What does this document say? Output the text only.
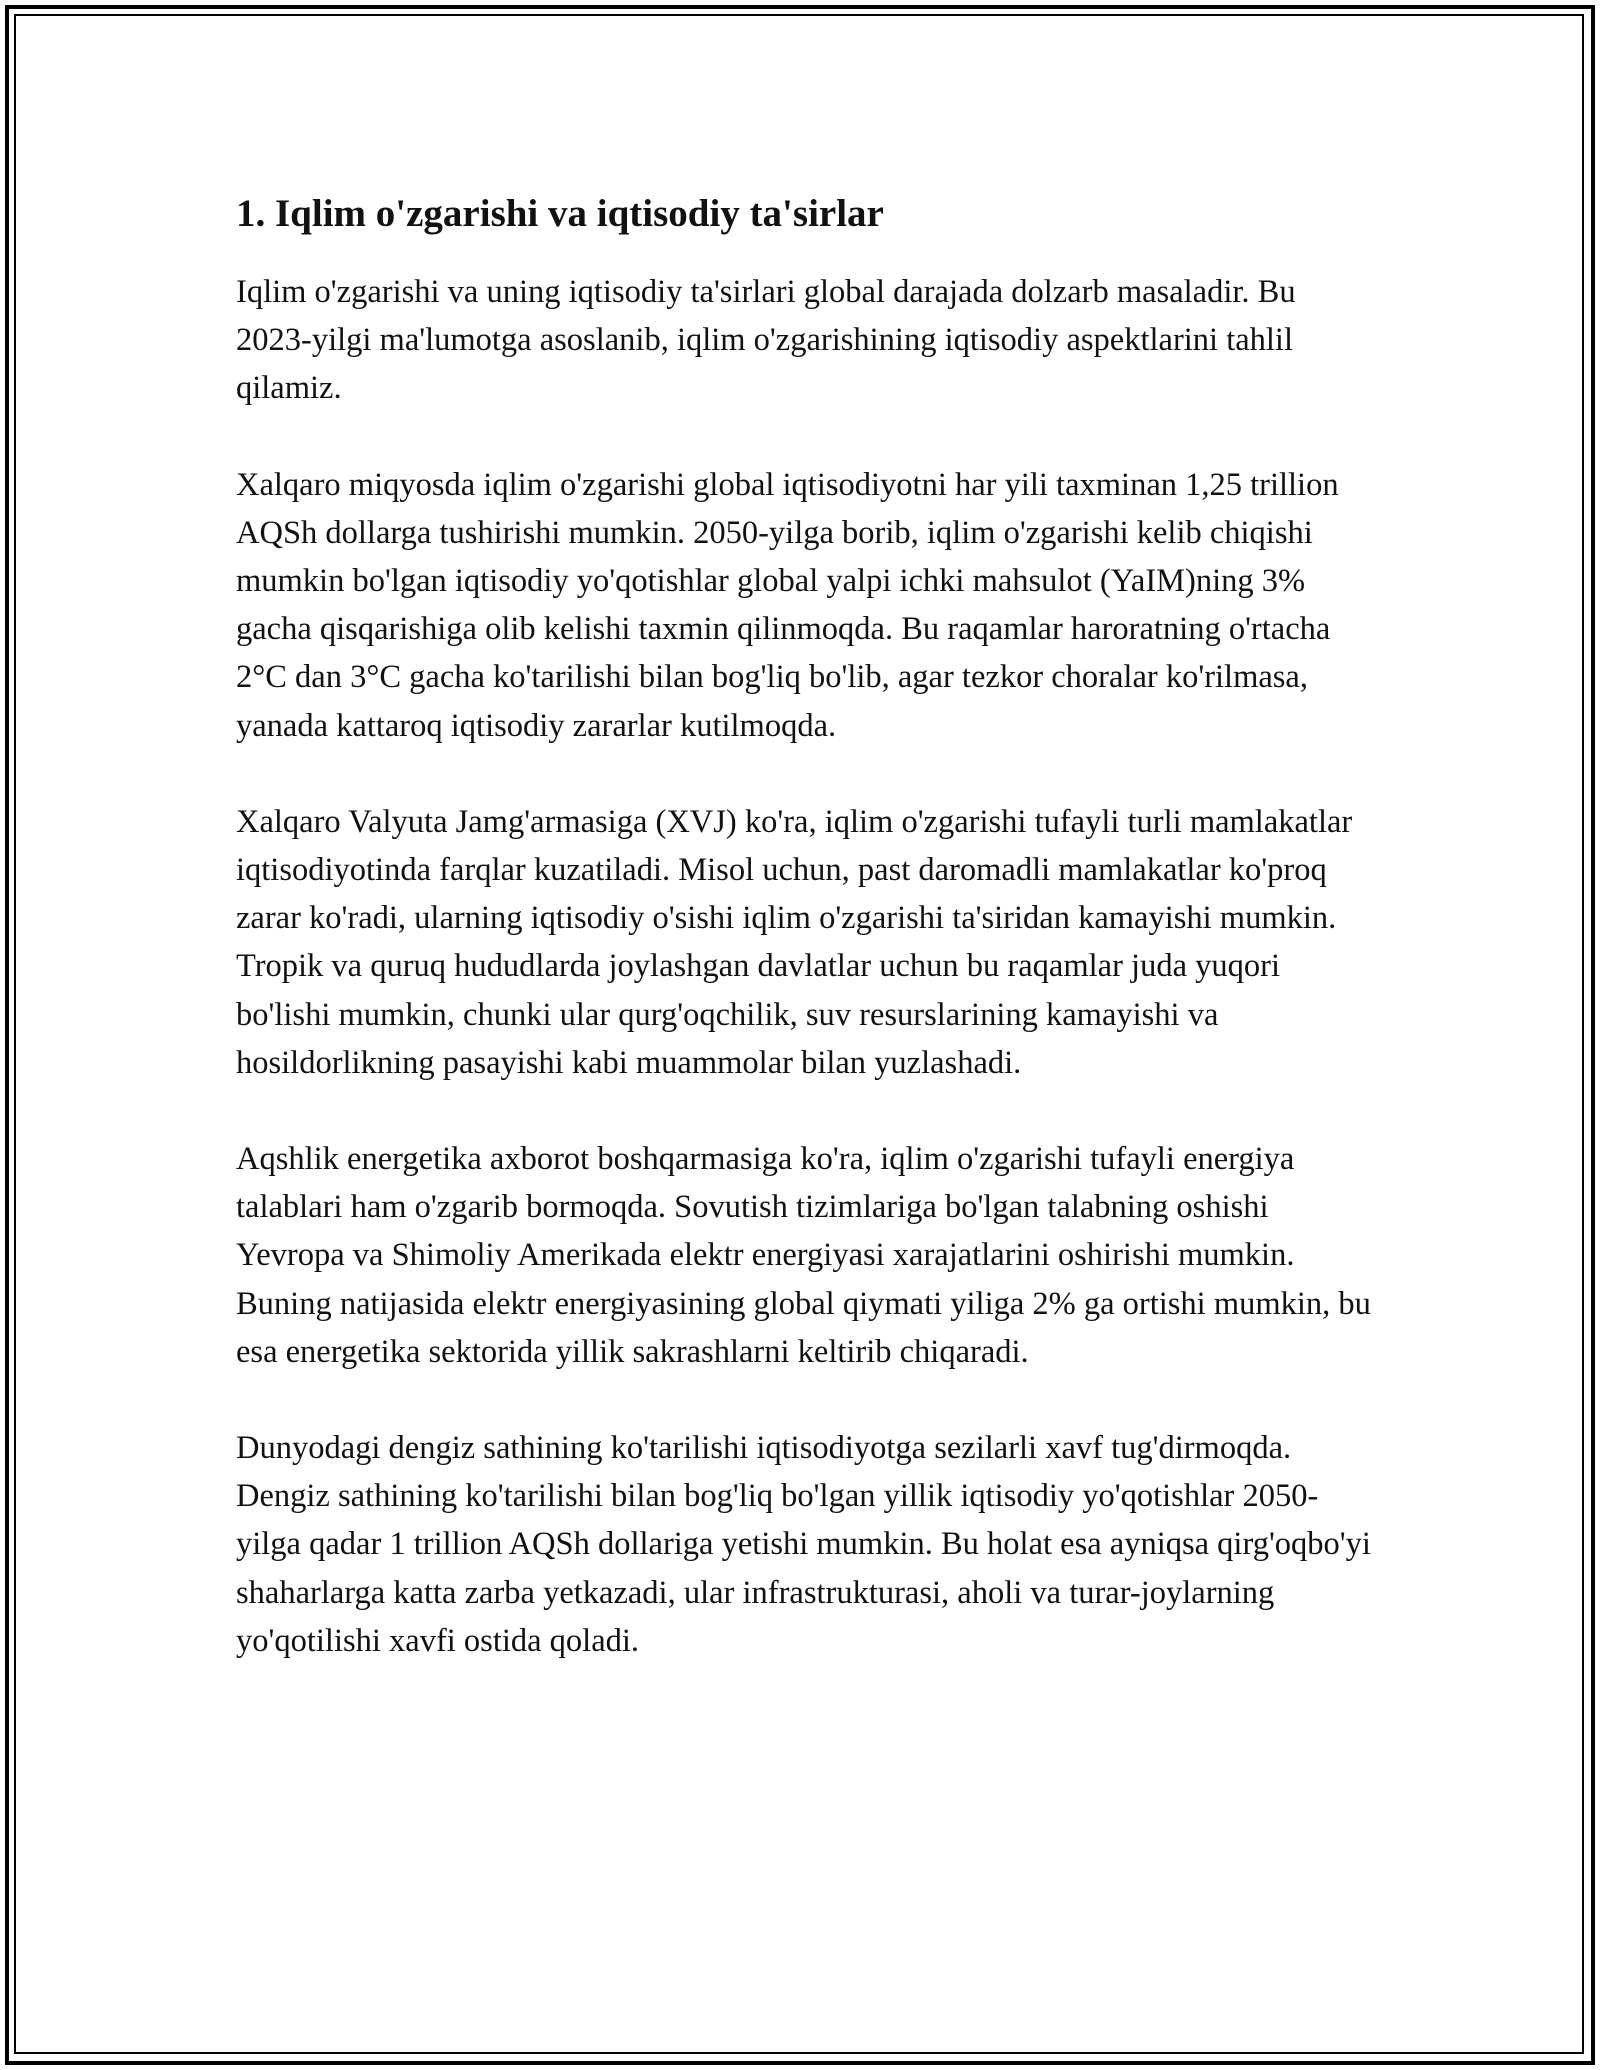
1. Iqlim o'zgarishi va iqtisodiy ta'sirlar

Iqlim o'zgarishi va uning iqtisodiy ta'sirlari global darajada dolzarb masaladir. Bu 2023-yilgi ma'lumotga asoslanib, iqlim o'zgarishining iqtisodiy aspektlarini tahlil qilamiz.

Xalqaro miqyosda iqlim o'zgarishi global iqtisodiyotni har yili taxminan 1,25 trillion AQSh dollarga tushirishi mumkin. 2050-yilga borib, iqlim o'zgarishi kelib chiqishi mumkin bo'lgan iqtisodiy yo'qotishlar global yalpi ichki mahsulot (YaIM)ning 3% gacha qisqarishiga olib kelishi taxmin qilinmoqda. Bu raqamlar haroratning o'rtacha 2°C dan 3°C gacha ko'tarilishi bilan bog'liq bo'lib, agar tezkor choralar ko'rilmasa, yanada kattaroq iqtisodiy zararlar kutilmoqda.

Xalqaro Valyuta Jamg'armasiga (XVJ) ko'ra, iqlim o'zgarishi tufayli turli mamlakatlar iqtisodiyotinda farqlar kuzatiladi. Misol uchun, past daromadli mamlakatlar ko'proq zarar ko'radi, ularning iqtisodiy o'sishi iqlim o'zgarishi ta'siridan kamayishi mumkin. Tropik va quruq hududlarda joylashgan davlatlar uchun bu raqamlar juda yuqori bo'lishi mumkin, chunki ular qurg'oqchilik, suv resurslarining kamayishi va hosildorlikning pasayishi kabi muammolar bilan yuzlashadi.

Aqshlik energetika axborot boshqarmasiga ko'ra, iqlim o'zgarishi tufayli energiya talablari ham o'zgarib bormoqda. Sovutish tizimlariga bo'lgan talabning oshishi Yevropa va Shimoliy Amerikada elektr energiyasi xarajatlarini oshirishi mumkin. Buning natijasida elektr energiyasining global qiymati yiliga 2% ga ortishi mumkin, bu esa energetika sektorida yillik sakrashlarni keltirib chiqaradi.

Dunyodagi dengiz sathining ko'tarilishi iqtisodiyotga sezilarli xavf tug'dirmoqda. Dengiz sathining ko'tarilishi bilan bog'liq bo'lgan yillik iqtisodiy yo'qotishlar 2050-yilga qadar 1 trillion AQSh dollariga yetishi mumkin. Bu holat esa ayniqsa qirg'oqbo'yi shaharlarga katta zarba yetkazadi, ular infrastrukturasi, aholi va turar-joylarning yo'qotilishi xavfi ostida qoladi.
